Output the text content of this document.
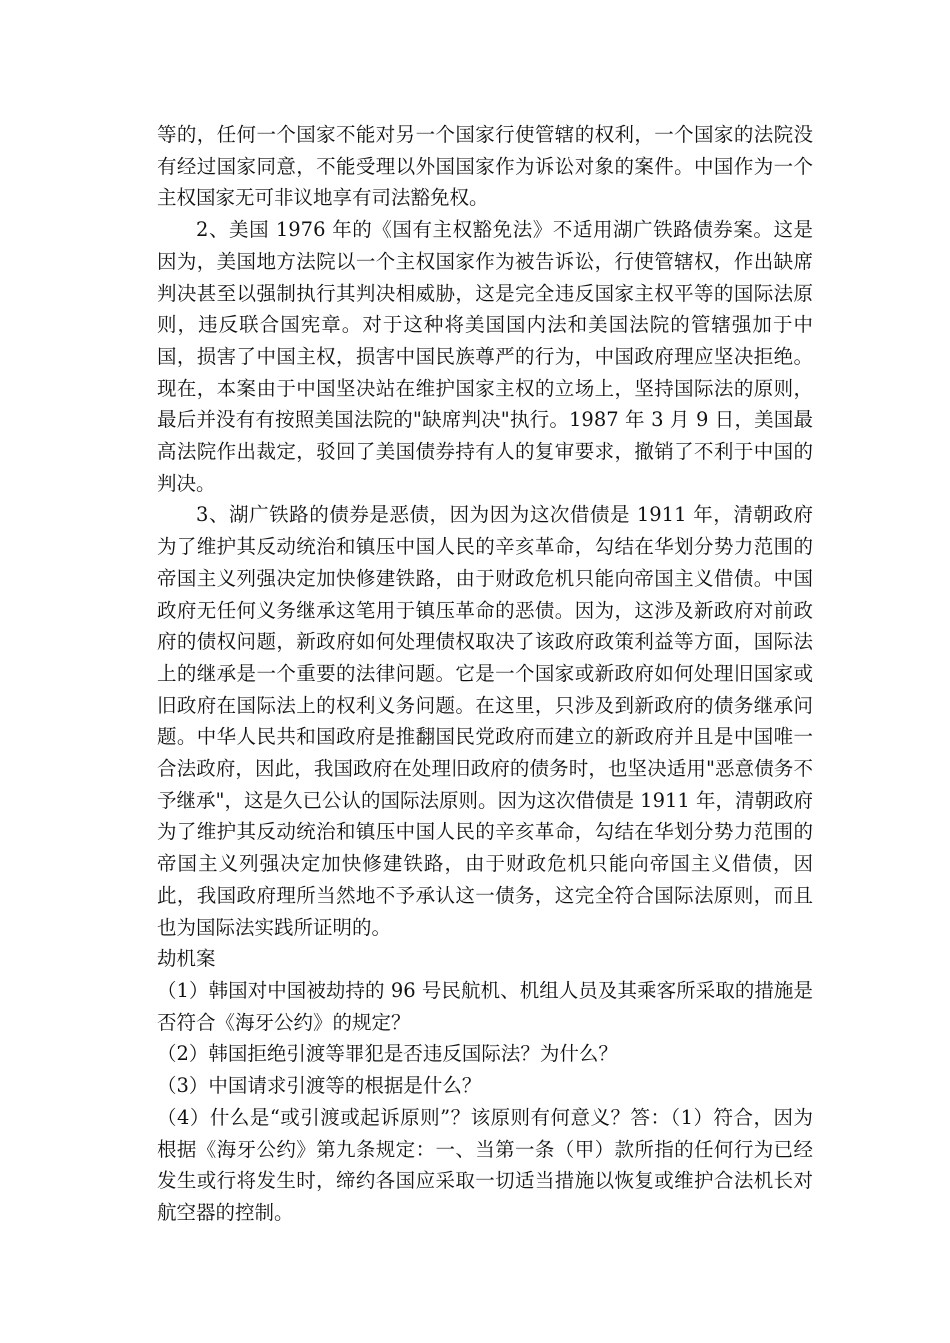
等的，任何一个国家不能对另一个国家行使管辖的权利，一个国家的法院没有经过国家同意，不能受理以外国国家作为诉讼对象的案件。中国作为一个主权国家无可非议地享有司法豁免权。

2、美国 1976 年的《国有主权豁免法》不适用湖广铁路债券案。这是因为，美国地方法院以一个主权国家作为被告诉讼，行使管辖权，作出缺席判决甚至以强制执行其判决相威胁，这是完全违反国家主权平等的国际法原则，违反联合国宪章。对于这种将美国国内法和美国法院的管辖强加于中国，损害了中国主权，损害中国民族尊严的行为，中国政府理应坚决拒绝。现在，本案由于中国坚决站在维护国家主权的立场上，坚持国际法的原则，最后并没有有按照美国法院的"缺席判决"执行。1987 年 3 月 9 日，美国最高法院作出裁定，驳回了美国债券持有人的复审要求，撤销了不利于中国的判决。

3、湖广铁路的债券是恶债，因为因为这次借债是 1911 年，清朝政府为了维护其反动统治和镇压中国人民的辛亥革命，勾结在华划分势力范围的帝国主义列强决定加快修建铁路，由于财政危机只能向帝国主义借债。中国政府无任何义务继承这笔用于镇压革命的恶债。因为，这涉及新政府对前政府的债权问题，新政府如何处理债权取决了该政府政策利益等方面，国际法上的继承是一个重要的法律问题。它是一个国家或新政府如何处理旧国家或旧政府在国际法上的权利义务问题。在这里，只涉及到新政府的债务继承问题。中华人民共和国政府是推翻国民党政府而建立的新政府并且是中国唯一合法政府，因此，我国政府在处理旧政府的债务时，也坚决适用"恶意债务不予继承"，这是久已公认的国际法原则。因为这次借债是 1911 年，清朝政府为了维护其反动统治和镇压中国人民的辛亥革命，勾结在华划分势力范围的帝国主义列强决定加快修建铁路，由于财政危机只能向帝国主义借债，因此，我国政府理所当然地不予承认这一债务，这完全符合国际法原则，而且也为国际法实践所证明的。

劫机案

（1）韩国对中国被劫持的 96 号民航机、机组人员及其乘客所采取的措施是否符合《海牙公约》的规定？

（2）韩国拒绝引渡等罪犯是否违反国际法？为什么？

（3）中国请求引渡等的根据是什么？

（4）什么是“或引渡或起诉原则”？该原则有何意义？答：（1）符合，因为根据《海牙公约》第九条规定：一、当第一条（甲）款所指的任何行为已经发生或行将发生时，缔约各国应采取一切适当措施以恢复或维护合法机长对航空器的控制。
